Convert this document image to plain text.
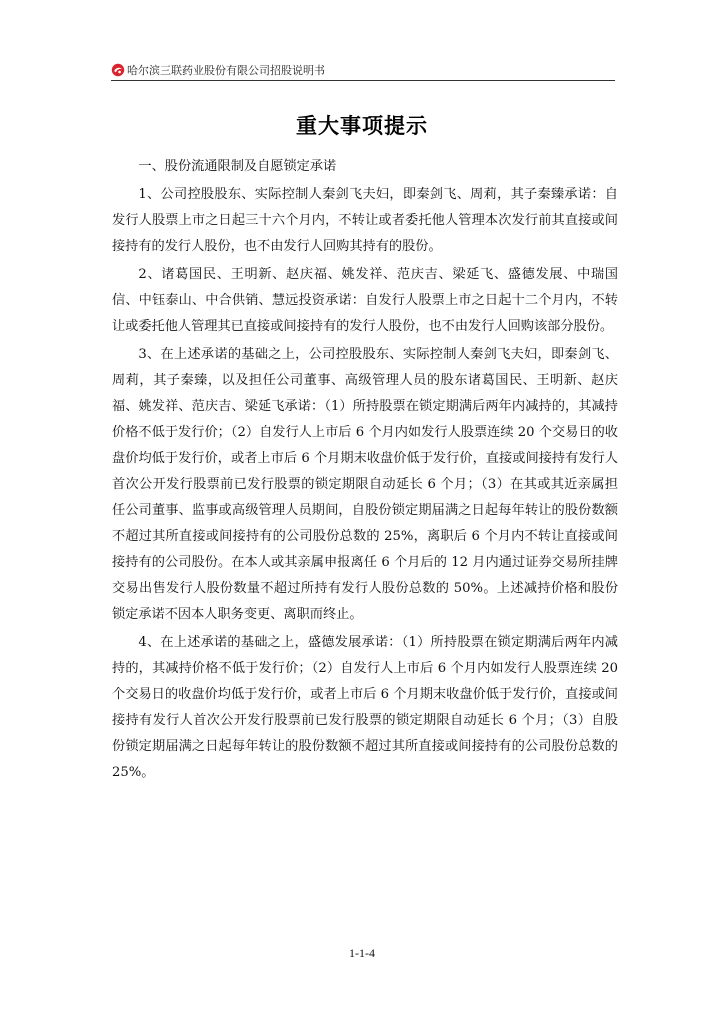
哈尔滨三联药业股份有限公司招股说明书
重大事项提示

一、股份流通限制及自愿锁定承诺

1、公司控股股东、实际控制人秦剑飞夫妇，即秦剑飞、周莉，其子秦臻承诺：自发行人股票上市之日起三十六个月内，不转让或者委托他人管理本次发行前其直接或间接持有的发行人股份，也不由发行人回购其持有的股份。

2、诸葛国民、王明新、赵庆福、姚发祥、范庆吉、梁延飞、盛德发展、中瑞国信、中钰泰山、中合供销、慧远投资承诺：自发行人股票上市之日起十二个月内，不转让或委托他人管理其已直接或间接持有的发行人股份，也不由发行人回购该部分股份。

3、在上述承诺的基础之上，公司控股股东、实际控制人秦剑飞夫妇，即秦剑飞、周莉，其子秦臻，以及担任公司董事、高级管理人员的股东诸葛国民、王明新、赵庆福、姚发祥、范庆吉、梁延飞承诺：（1）所持股票在锁定期满后两年内减持的，其减持价格不低于发行价；（2）自发行人上市后 6 个月内如发行人股票连续 20 个交易日的收盘价均低于发行价，或者上市后 6 个月期末收盘价低于发行价，直接或间接持有发行人首次公开发行股票前已发行股票的锁定期限自动延长 6 个月；（3）在其或其近亲属担任公司董事、监事或高级管理人员期间，自股份锁定期届满之日起每年转让的股份数额不超过其所直接或间接持有的公司股份总数的 25%，离职后 6 个月内不转让直接或间接持有的公司股份。在本人或其亲属申报离任 6 个月后的 12 月内通过证券交易所挂牌交易出售发行人股份数量不超过所持有发行人股份总数的 50%。上述减持价格和股份锁定承诺不因本人职务变更、离职而终止。

4、在上述承诺的基础之上，盛德发展承诺：（1）所持股票在锁定期满后两年内减持的，其减持价格不低于发行价；（2）自发行人上市后 6 个月内如发行人股票连续 20 个交易日的收盘价均低于发行价，或者上市后 6 个月期末收盘价低于发行价，直接或间接持有发行人首次公开发行股票前已发行股票的锁定期限自动延长 6 个月；（3）自股份锁定期届满之日起每年转让的股份数额不超过其所直接或间接持有的公司股份总数的 25%。

1-1-4
